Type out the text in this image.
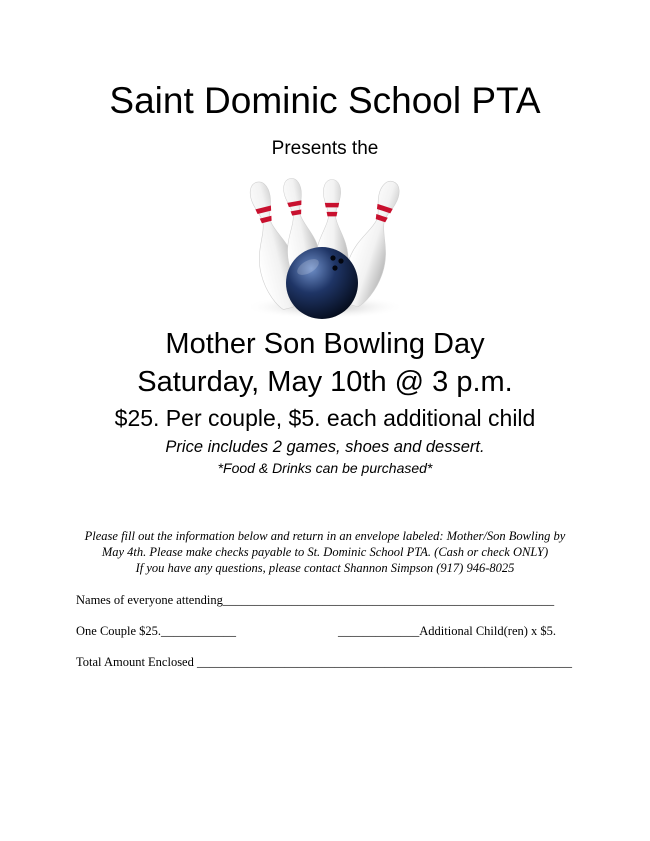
Saint Dominic School PTA
Presents the
Mother Son Bowling Day
Saturday, May 10th @ 3 p.m.
$25. Per couple, $5. each additional child
Price includes 2 games, shoes and dessert.
*Food & Drinks can be purchased*
Please fill out the information below and return in an envelope labeled: Mother/Son Bowling by
May 4th. Please make checks payable to St. Dominic School PTA. (Cash or check ONLY)
If you have any questions, please contact Shannon Simpson (917) 946-8025
Names of everyone attending_____________________________________________________
One Couple $25.____________	_____________Additional Child(ren) x $5.
Total Amount Enclosed ____________________________________________________________
